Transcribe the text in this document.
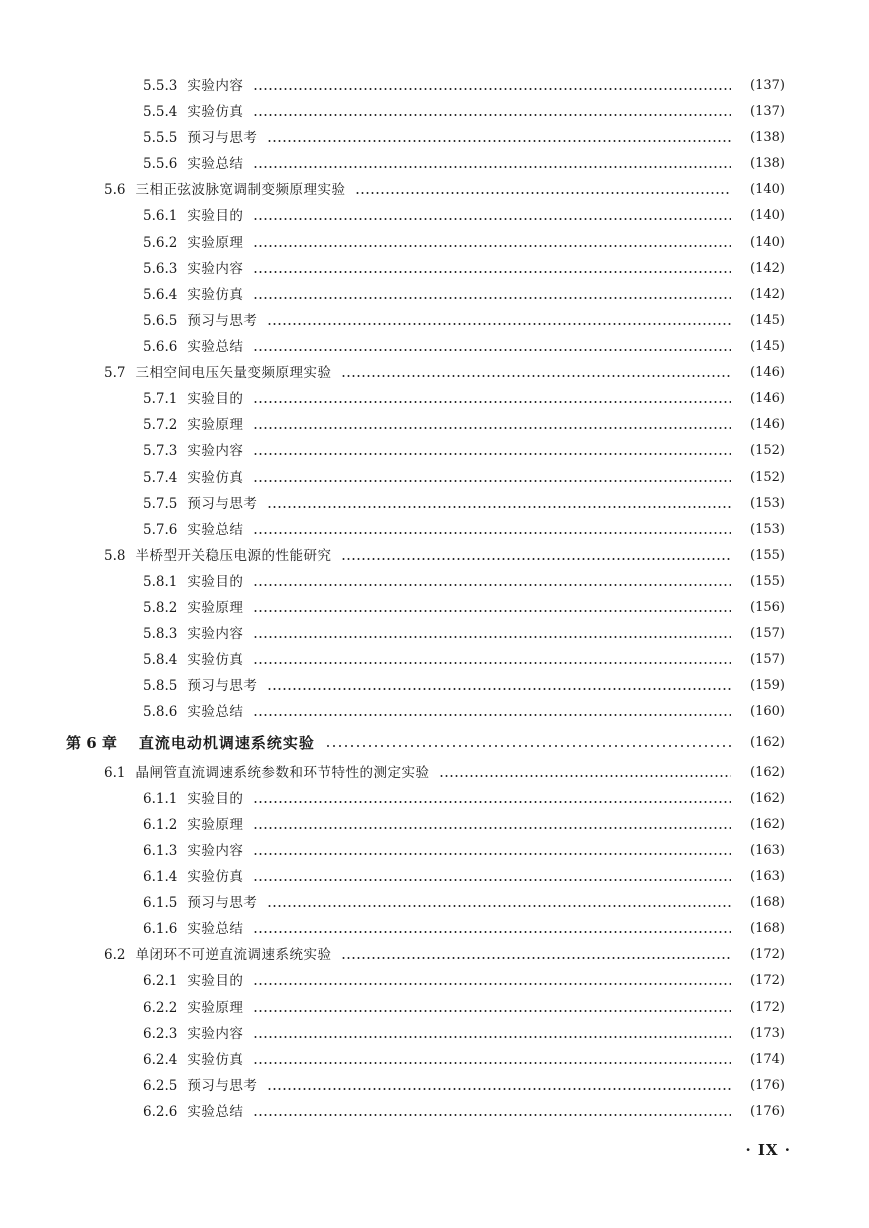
5.5.3 实验内容	(137)
5.5.4 实验仿真	(137)
5.5.5 预习与思考	(138)
5.5.6 实验总结	(138)
5.6 三相正弦波脉宽调制变频原理实验	(140)
5.6.1 实验目的	(140)
5.6.2 实验原理	(140)
5.6.3 实验内容	(142)
5.6.4 实验仿真	(142)
5.6.5 预习与思考	(145)
5.6.6 实验总结	(145)
5.7 三相空间电压矢量变频原理实验	(146)
5.7.1 实验目的	(146)
5.7.2 实验原理	(146)
5.7.3 实验内容	(152)
5.7.4 实验仿真	(152)
5.7.5 预习与思考	(153)
5.7.6 实验总结	(153)
5.8 半桥型开关稳压电源的性能研究	(155)
5.8.1 实验目的	(155)
5.8.2 实验原理	(156)
5.8.3 实验内容	(157)
5.8.4 实验仿真	(157)
5.8.5 预习与思考	(159)
5.8.6 实验总结	(160)
第 6 章 直流电动机调速系统实验	(162)
6.1 晶闸管直流调速系统参数和环节特性的测定实验	(162)
6.1.1 实验目的	(162)
6.1.2 实验原理	(162)
6.1.3 实验内容	(163)
6.1.4 实验仿真	(163)
6.1.5 预习与思考	(168)
6.1.6 实验总结	(168)
6.2 单闭环不可逆直流调速系统实验	(172)
6.2.1 实验目的	(172)
6.2.2 实验原理	(172)
6.2.3 实验内容	(173)
6.2.4 实验仿真	(174)
6.2.5 预习与思考	(176)
6.2.6 实验总结	(176)
· IX ·
